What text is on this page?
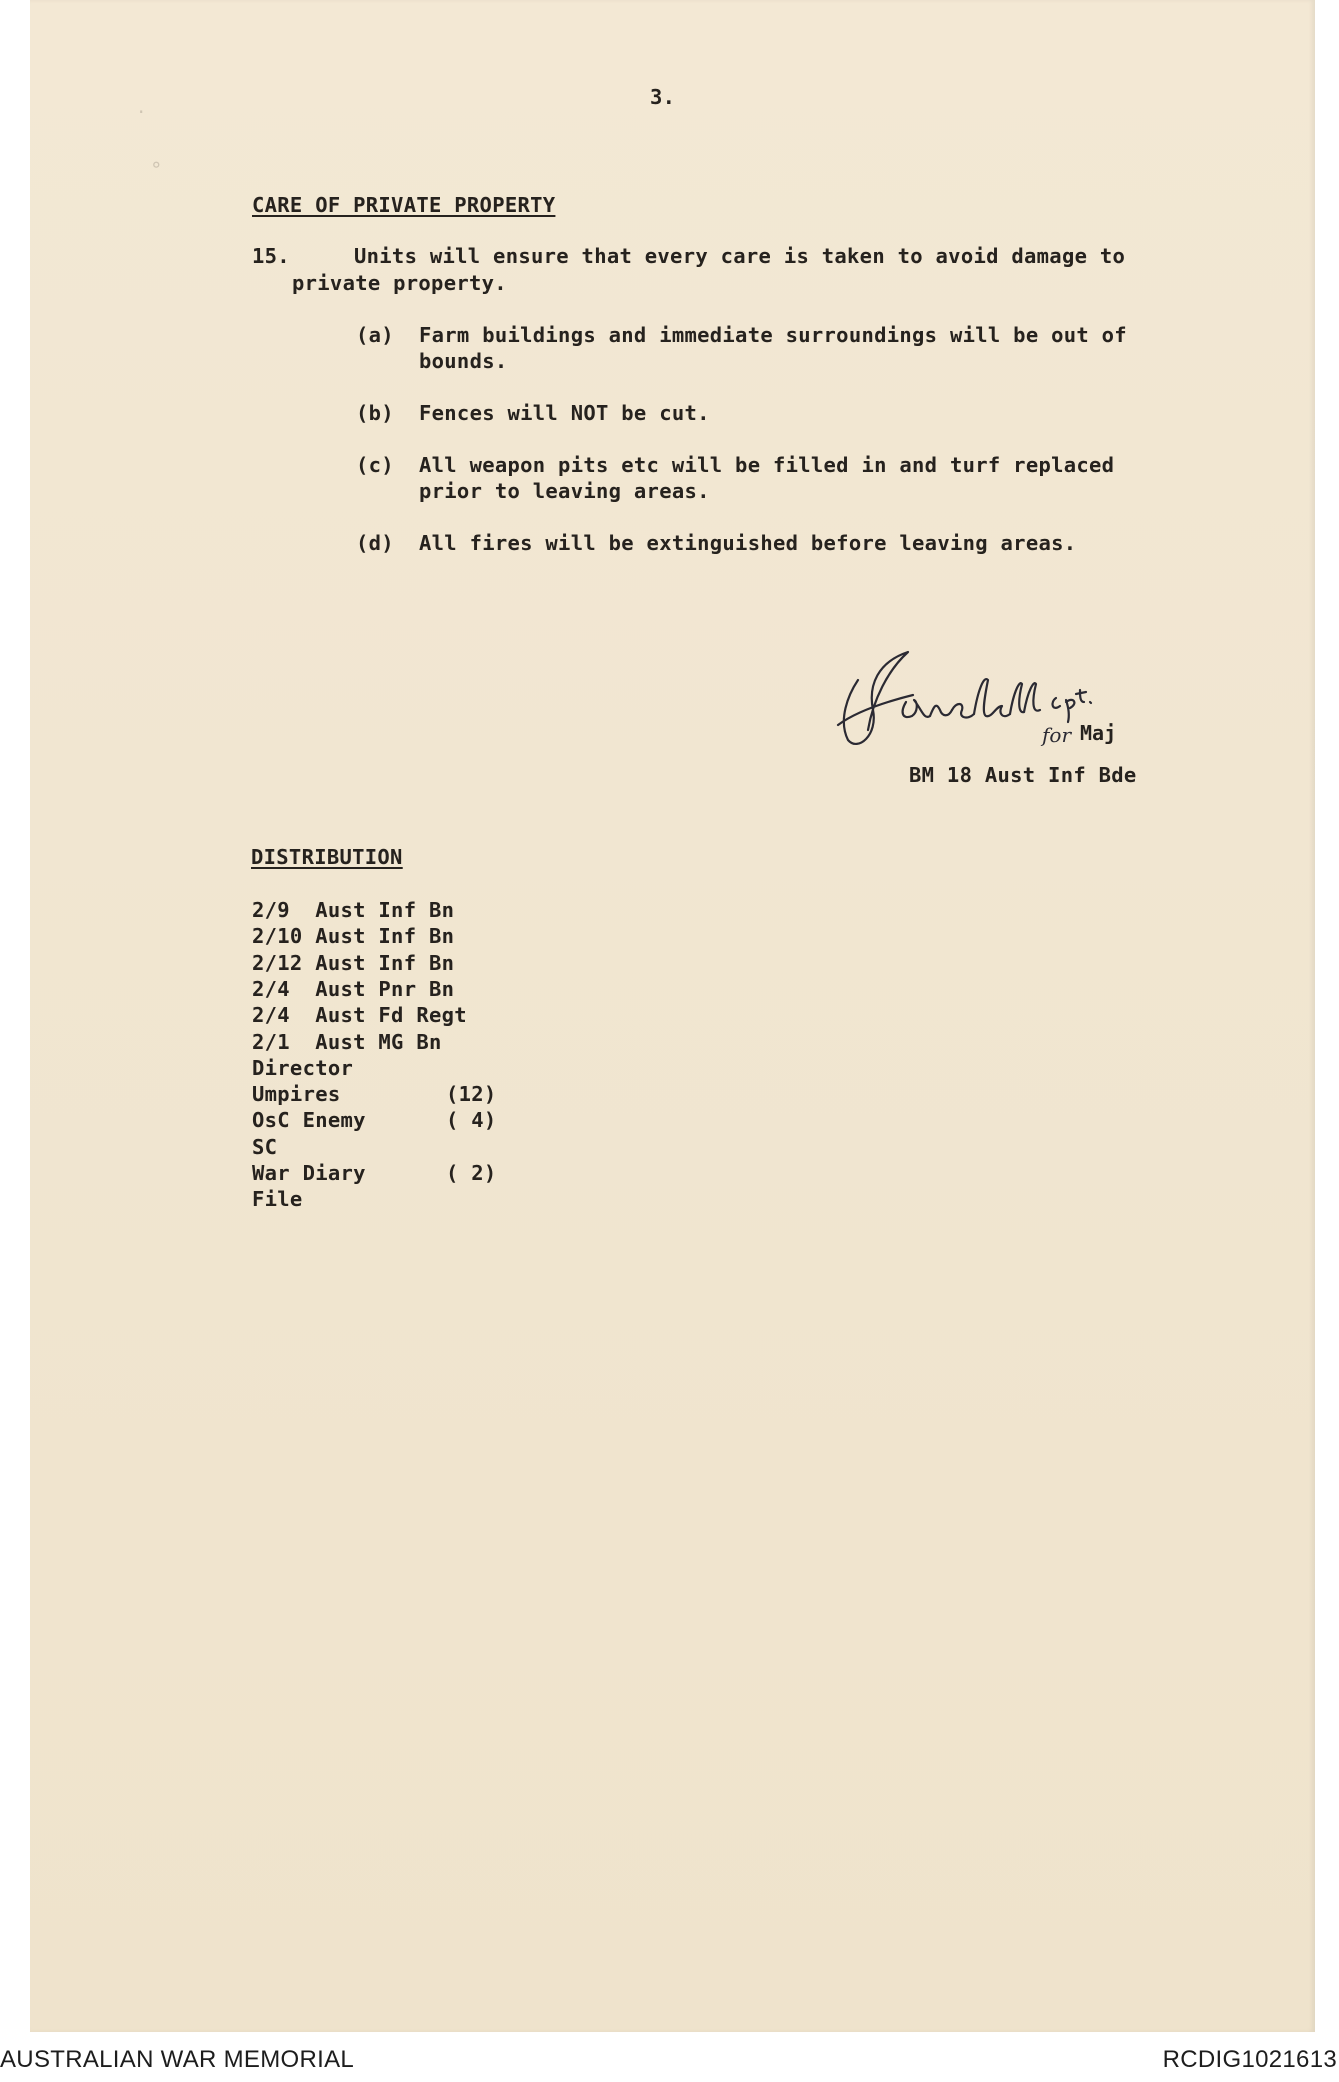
·
∘
3.
CARE OF PRIVATE PROPERTY
15.	Units will ensure that every care is taken to avoid damage to
private property.
(a) Farm buildings and immediate surroundings will be out of
bounds.
(b) Fences will NOT be cut.
(c) All weapon pits etc will be filled in and turf replaced
prior to leaving areas.
(d) All fires will be extinguished before leaving areas.
for Maj
BM 18 Aust Inf Bde
DISTRIBUTION
2/9  Aust Inf Bn
2/10 Aust Inf Bn
2/12 Aust Inf Bn
2/4  Aust Pnr Bn
2/4  Aust Fd Regt
2/1  Aust MG Bn
Director
Umpires	(12)
OsC Enemy	( 4)
SC
War Diary	( 2)
File
AUSTRALIAN WAR MEMORIAL	RCDIG1021613
